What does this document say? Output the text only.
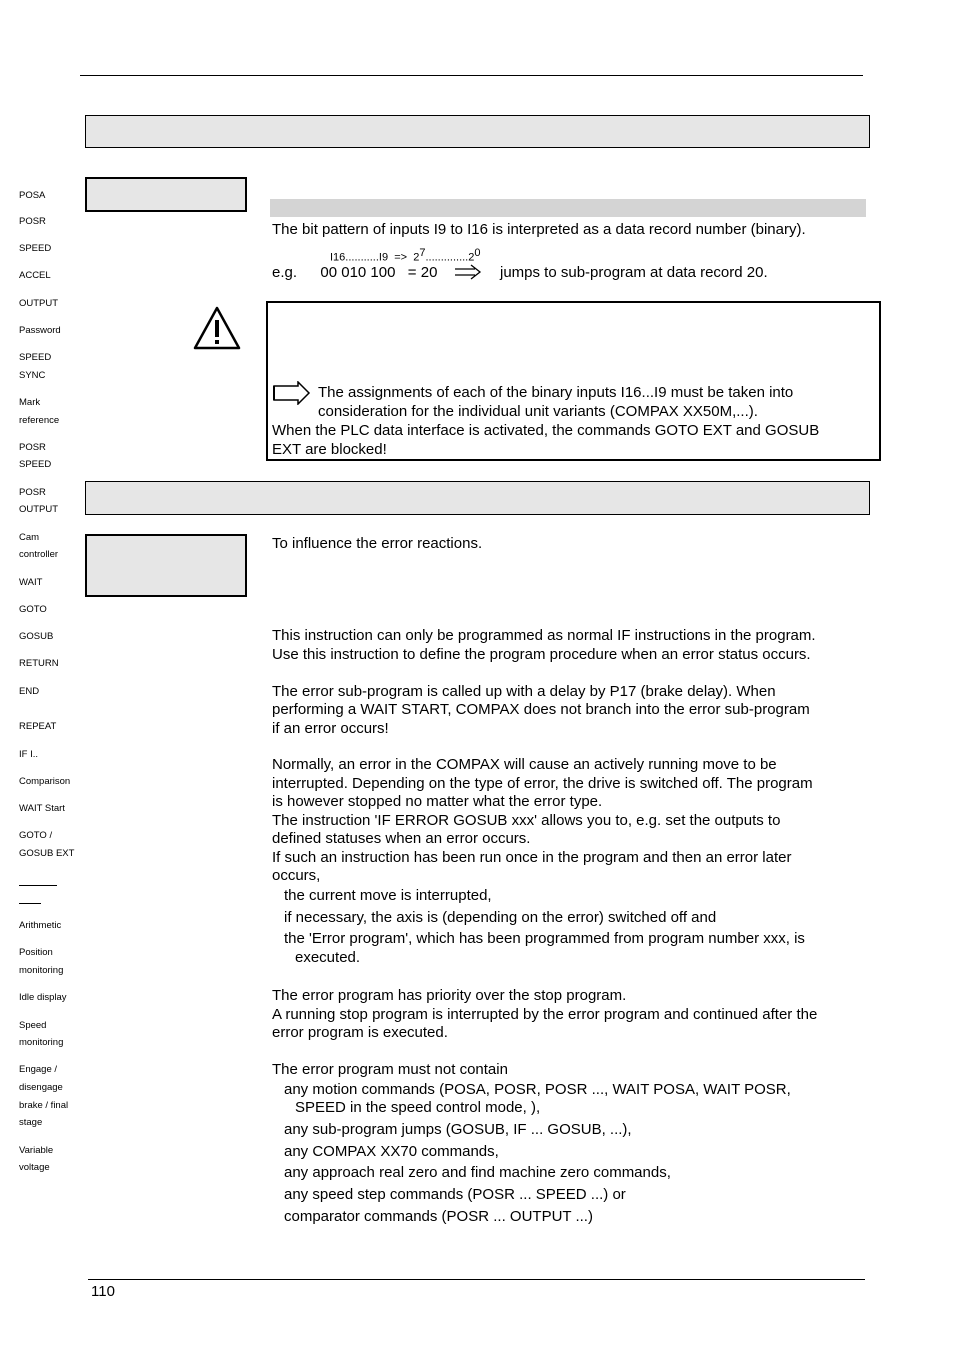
POSA
POSR
SPEED
ACCEL
OUTPUT
Password
SPEED
SYNC
Mark
reference
POSR
SPEED
POSR
OUTPUT
Cam
controller
WAIT
GOTO
GOSUB
RETURN
END
REPEAT
IF I..
Comparison
WAIT Start
GOTO /
GOSUB EXT
Arithmetic
Position
monitoring
Idle display
Speed
monitoring
Engage /
disengage
brake / final
stage
Variable
voltage
The bit pattern of inputs I9 to I16 is interpreted as a data record number (binary).
$I16...........I9 => 2^7..............2^0$
e.g. 00 010 100 = 20	jumps to sub-program at data record 20.
The assignments of each of the binary inputs I16...I9 must be taken into
consideration for the individual unit variants (COMPAX XX50M,...).
When the PLC data interface is activated, the commands GOTO EXT and GOSUB
EXT are blocked!
To influence the error reactions.
This instruction can only be programmed as normal IF instructions in the program.
Use this instruction to define the program procedure when an error status occurs.
The error sub-program is called up with a delay by P17 (brake delay). When
performing a WAIT START, COMPAX does not branch into the error sub-program
if an error occurs!
Normally, an error in the COMPAX will cause an actively running move to be
interrupted. Depending on the type of error, the drive is switched off. The program
is however stopped no matter what the error type.
The instruction 'IF ERROR GOSUB xxx' allows you to, e.g. set the outputs to
defined statuses when an error occurs.
If such an instruction has been run once in the program and then an error later
occurs,
the current move is interrupted,
if necessary, the axis is (depending on the error) switched off and
the 'Error program', which has been programmed from program number xxx, is
executed.
The error program has priority over the stop program.
A running stop program is interrupted by the error program and continued after the
error program is executed.
The error program must not contain
any motion commands (POSA, POSR, POSR ..., WAIT POSA, WAIT POSR,
SPEED in the speed control mode, ),
any sub-program jumps (GOSUB, IF ... GOSUB, ...),
any COMPAX XX70 commands,
any approach real zero and find machine zero commands,
any speed step commands (POSR ... SPEED ...) or
comparator commands (POSR ... OUTPUT ...)
110
